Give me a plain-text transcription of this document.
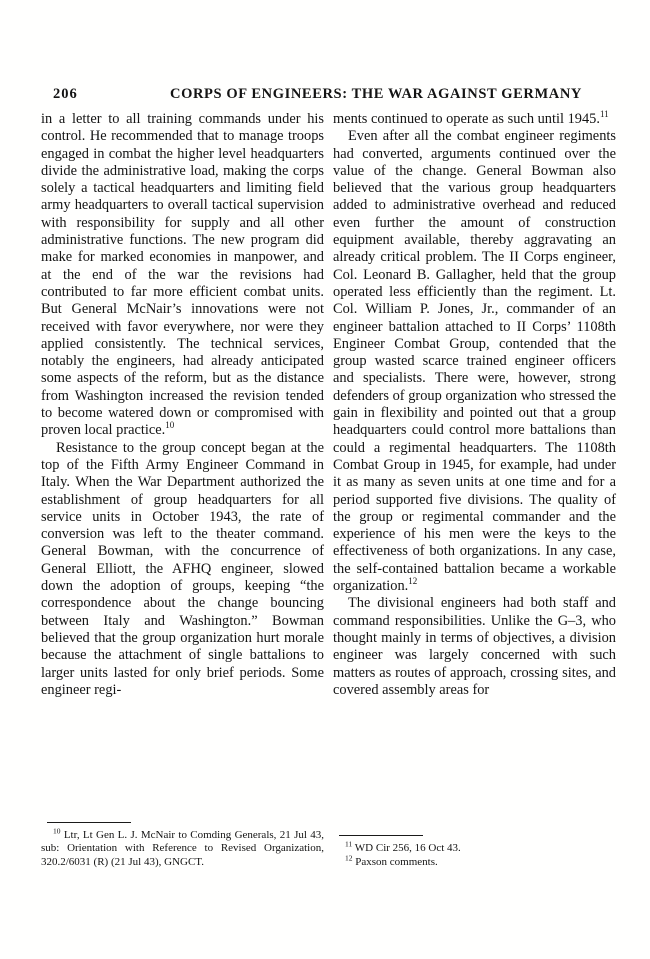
206	CORPS OF ENGINEERS: THE WAR AGAINST GERMANY

in a letter to all training commands under his control. He recommended that to manage troops engaged in combat the higher level headquarters divide the administrative load, making the corps solely a tactical headquarters and limiting field army headquarters to overall tactical supervision with responsibility for supply and all other administrative functions. The new program did make for marked economies in manpower, and at the end of the war the revisions had contributed to far more efficient combat units. But General McNair’s innovations were not received with favor everywhere, nor were they applied consistently. The technical services, notably the engineers, had already anticipated some aspects of the reform, but as the distance from Washington increased the revision tended to become watered down or compromised with proven local practice.$^{10}$

Resistance to the group concept began at the top of the Fifth Army Engineer Command in Italy. When the War Department authorized the establishment of group headquarters for all service units in October 1943, the rate of conversion was left to the theater command. General Bowman, with the concurrence of General Elliott, the AFHQ engineer, slowed down the adoption of groups, keeping “the correspondence about the change bouncing between Italy and Washington.” Bowman believed that the group organization hurt morale because the attachment of single battalions to larger units lasted for only brief periods. Some engineer regi-

$^{10}$ Ltr, Lt Gen L. J. McNair to Comding Generals, 21 Jul 43, sub: Orientation with Reference to Revised Organization, 320.2/6031 (R) (21 Jul 43), GNGCT.

ments continued to operate as such until 1945.11

Even after all the combat engineer regiments had converted, arguments continued over the value of the change. General Bowman also believed that the various group headquarters added to administrative overhead and reduced even further the amount of construction equipment available, thereby aggravating an already critical problem. The II Corps engineer, Col. Leonard B. Gallagher, held that the group operated less efficiently than the regiment. Lt. Col. William P. Jones, Jr., commander of an engineer battalion attached to II Corps’ 1108th Engineer Combat Group, contended that the group wasted scarce trained engineer officers and specialists. There were, however, strong defenders of group organization who stressed the gain in flexibility and pointed out that a group headquarters could control more battalions than could a regimental headquarters. The 1108th Combat Group in 1945, for example, had under it as many as seven units at one time and for a period supported five divisions. The quality of the group or regimental commander and the experience of his men were the keys to the effectiveness of both organizations. In any case, the self-contained battalion became a workable organization.$^{12}$

The divisional engineers had both staff and command responsibilities. Unlike the G–3, who thought mainly in terms of objectives, a division engineer was largely concerned with such matters as routes of approach, crossing sites, and covered assembly areas for

$^{11}$ WD Cir 256, 16 Oct 43.

$^{12}$ Paxson comments.
